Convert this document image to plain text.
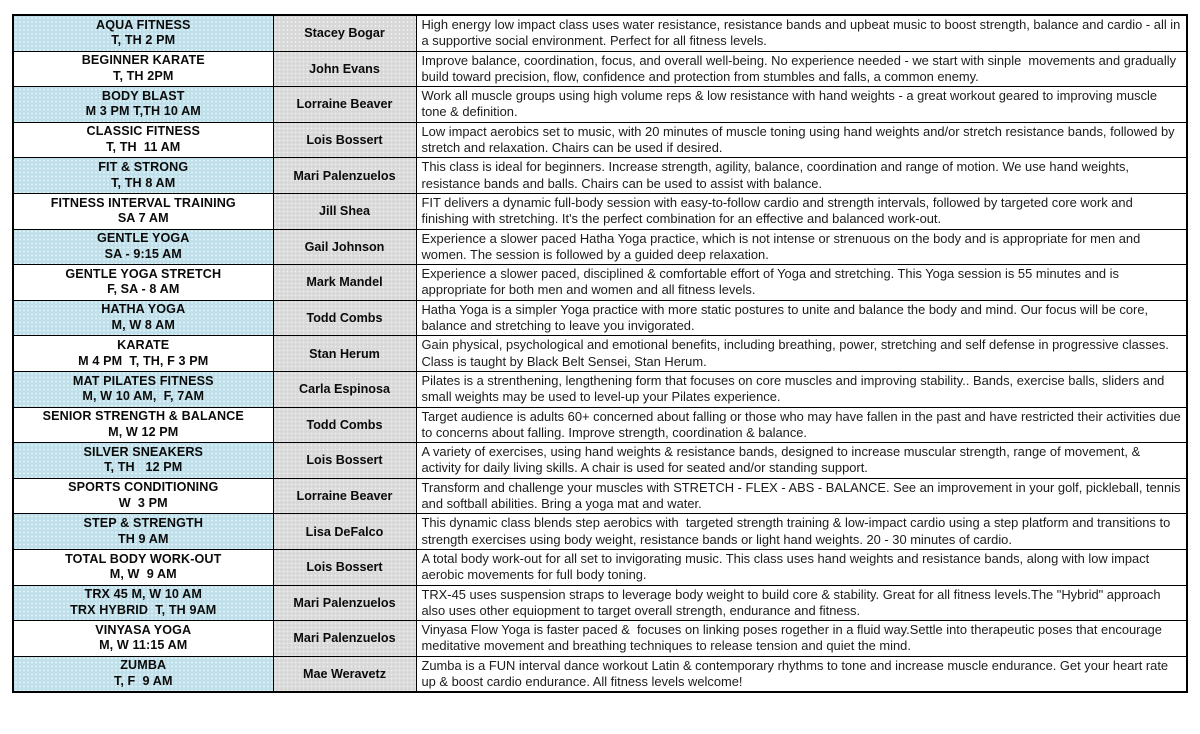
AQUA FITNESS
T, TH 2 PM	Stacey Bogar	High energy low impact class uses water resistance, resistance bands and upbeat music to boost strength, balance and cardio - all in a supportive social environment. Perfect for all fitness levels.

BEGINNER KARATE
T, TH 2PM	John Evans	Improve balance, coordination, focus, and overall well-being. No experience needed - we start with sinple  movements and gradually build toward precision, flow, confidence and protection from stumbles and falls, a common enemy.

BODY BLAST
M 3 PM T,TH 10 AM	Lorraine Beaver	Work all muscle groups using high volume reps & low resistance with hand weights - a great workout geared to improving muscle tone & definition.

CLASSIC FITNESS
T, TH  11 AM	Lois Bossert	Low impact aerobics set to music, with 20 minutes of muscle toning using hand weights and/or stretch resistance bands, followed by stretch and relaxation. Chairs can be used if desired.

FIT & STRONG
T, TH 8 AM	Mari Palenzuelos	This class is ideal for beginners. Increase strength, agility, balance, coordination and range of motion. We use hand weights, resistance bands and balls. Chairs can be used to assist with balance.

FITNESS INTERVAL TRAINING
SA 7 AM	Jill Shea	FIT delivers a dynamic full-body session with easy-to-follow cardio and strength intervals, followed by targeted core work and finishing with stretching. It's the perfect combination for an effective and balanced work-out.

GENTLE YOGA
SA - 9:15 AM	Gail Johnson	Experience a slower paced Hatha Yoga practice, which is not intense or strenuous on the body and is appropriate for men and women. The session is followed by a guided deep relaxation.

GENTLE YOGA STRETCH
F, SA - 8 AM	Mark Mandel	Experience a slower paced, disciplined & comfortable effort of Yoga and stretching. This Yoga session is 55 minutes and is appropriate for both men and women and all fitness levels.

HATHA YOGA
M, W 8 AM	Todd Combs	Hatha Yoga is a simpler Yoga practice with more static postures to unite and balance the body and mind. Our focus will be core, balance and stretching to leave you invigorated.

KARATE
M 4 PM  T, TH, F 3 PM	Stan Herum	Gain physical, psychological and emotional benefits, including breathing, power, stretching and self defense in progressive classes. Class is taught by Black Belt Sensei, Stan Herum.

MAT PILATES FITNESS
M, W 10 AM,  F, 7AM	Carla Espinosa	Pilates is a strenthening, lengthening form that focuses on core muscles and improving stability.. Bands, exercise balls, sliders and small weights may be used to level-up your Pilates experience.

SENIOR STRENGTH & BALANCE
M, W 12 PM	Todd Combs	Target audience is adults 60+ concerned about falling or those who may have fallen in the past and have restricted their activities due to concerns about falling. Improve strength, coordination & balance.

SILVER SNEAKERS
T, TH   12 PM	Lois Bossert	A variety of exercises, using hand weights & resistance bands, designed to increase muscular strength, range of movement, & activity for daily living skills. A chair is used for seated and/or standing support.

SPORTS CONDITIONING
W  3 PM	Lorraine Beaver	Transform and challenge your muscles with STRETCH - FLEX - ABS - BALANCE. See an improvement in your golf, pickleball, tennis and softball abilities. Bring a yoga mat and water.

STEP & STRENGTH
TH 9 AM	Lisa DeFalco	This dynamic class blends step aerobics with  targeted strength training & low-impact cardio using a step platform and transitions to strength exercises using body weight, resistance bands or light hand weights. 20 - 30 minutes of cardio.

TOTAL BODY WORK-OUT
M, W  9 AM	Lois Bossert	A total body work-out for all set to invigorating music. This class uses hand weights and resistance bands, along with low impact aerobic movements for full body toning.

TRX 45 M, W 10 AM
TRX HYBRID  T, TH 9AM	Mari Palenzuelos	TRX-45 uses suspension straps to leverage body weight to build core & stability. Great for all fitness levels.The "Hybrid" approach also uses other equiopment to target overall strength, endurance and fitness.

VINYASA YOGA
M, W 11:15 AM	Mari Palenzuelos	Vinyasa Flow Yoga is faster paced &  focuses on linking poses rogether in a fluid way.Settle into therapeutic poses that encourage meditative movement and breathing techniques to release tension and quiet the mind.

ZUMBA
T, F  9 AM	Mae Weravetz	Zumba is a FUN interval dance workout Latin & contemporary rhythms to tone and increase muscle endurance. Get your heart rate up & boost cardio endurance. All fitness levels welcome!
